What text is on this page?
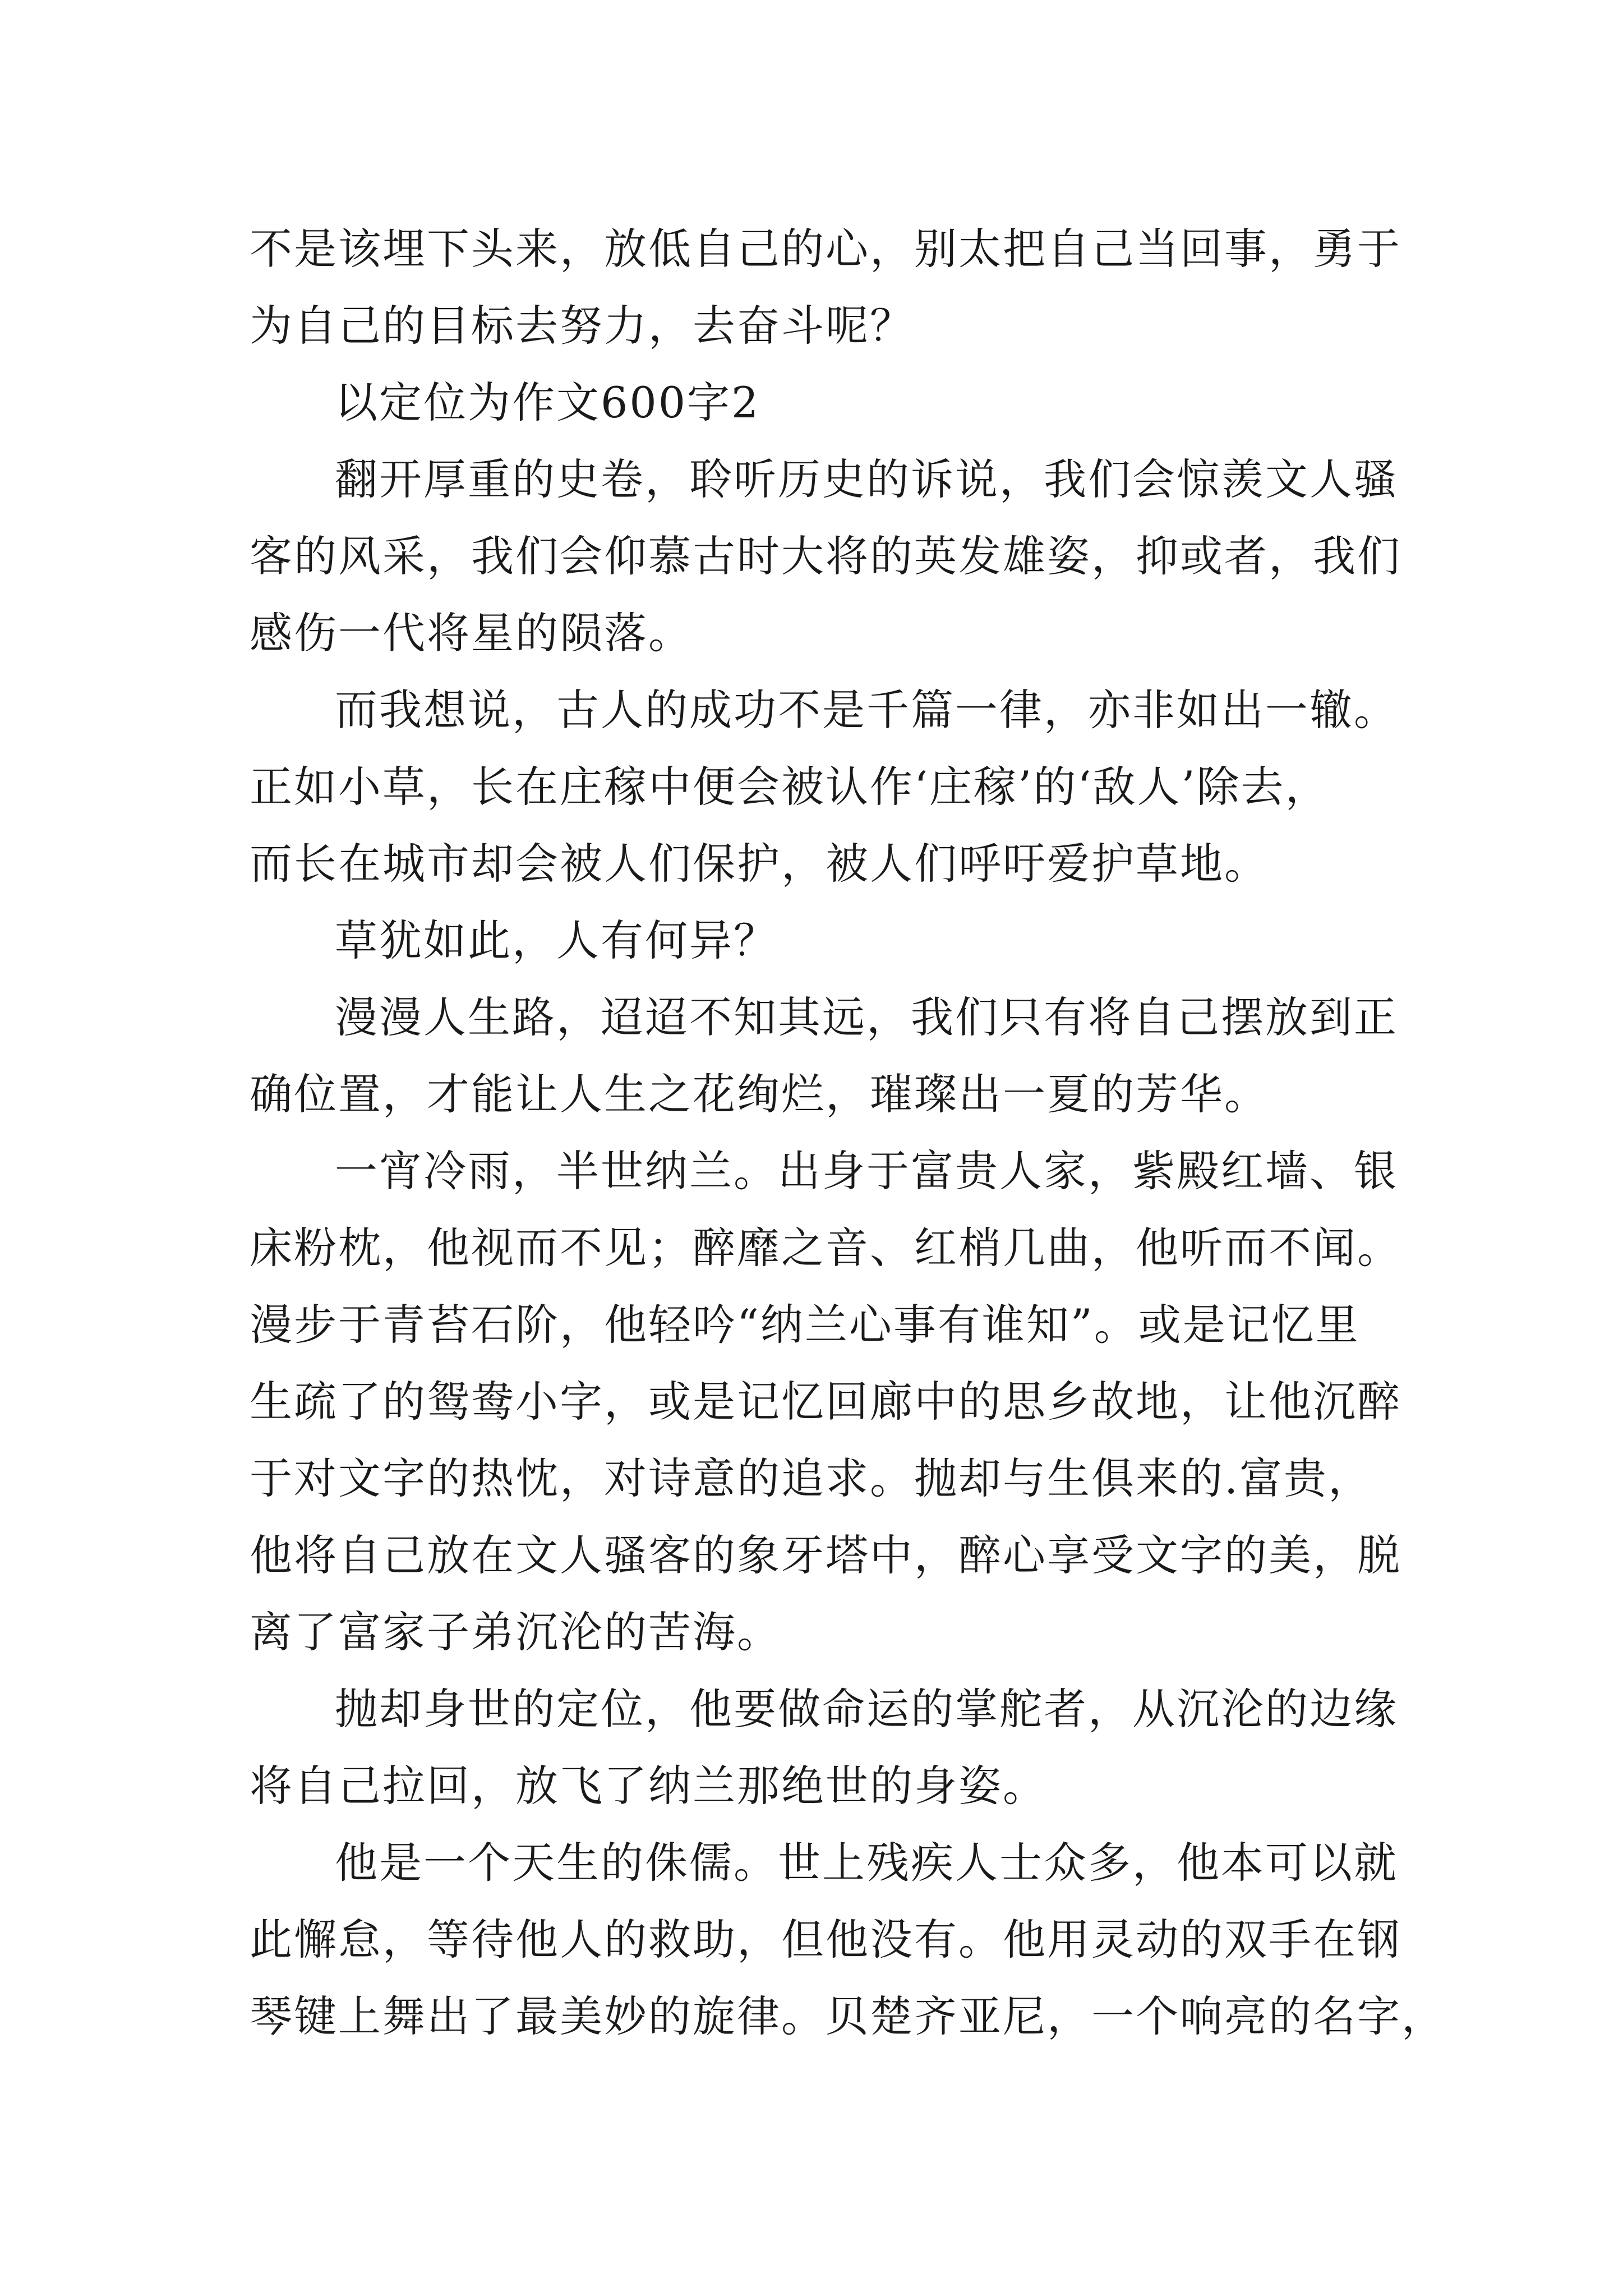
不是该埋下头来，放低自己的心，别太把自己当回事，勇于
为自己的目标去努力，去奋斗呢？
以定位为作文600字2
翻开厚重的史卷，聆听历史的诉说，我们会惊羡文人骚
客的风采，我们会仰慕古时大将的英发雄姿，抑或者，我们
感伤一代将星的陨落。
而我想说，古人的成功不是千篇一律，亦非如出一辙。
正如小草，长在庄稼中便会被认作‘庄稼’的‘敌人’除去，
而长在城市却会被人们保护，被人们呼吁爱护草地。
草犹如此，人有何异？
漫漫人生路，迢迢不知其远，我们只有将自己摆放到正
确位置，才能让人生之花绚烂，璀璨出一夏的芳华。
一宵冷雨，半世纳兰。出身于富贵人家，紫殿红墙、银
床粉枕，他视而不见；醉靡之音、红梢几曲，他听而不闻。
漫步于青苔石阶，他轻吟“纳兰心事有谁知”。或是记忆里
生疏了的鸳鸯小字，或是记忆回廊中的思乡故地，让他沉醉
于对文字的热忱，对诗意的追求。抛却与生俱来的.富贵，
他将自己放在文人骚客的象牙塔中，醉心享受文字的美，脱
离了富家子弟沉沦的苦海。
抛却身世的定位，他要做命运的掌舵者，从沉沦的边缘
将自己拉回，放飞了纳兰那绝世的身姿。
他是一个天生的侏儒。世上残疾人士众多，他本可以就
此懈怠，等待他人的救助，但他没有。他用灵动的双手在钢
琴键上舞出了最美妙的旋律。贝楚齐亚尼，一个响亮的名字，
